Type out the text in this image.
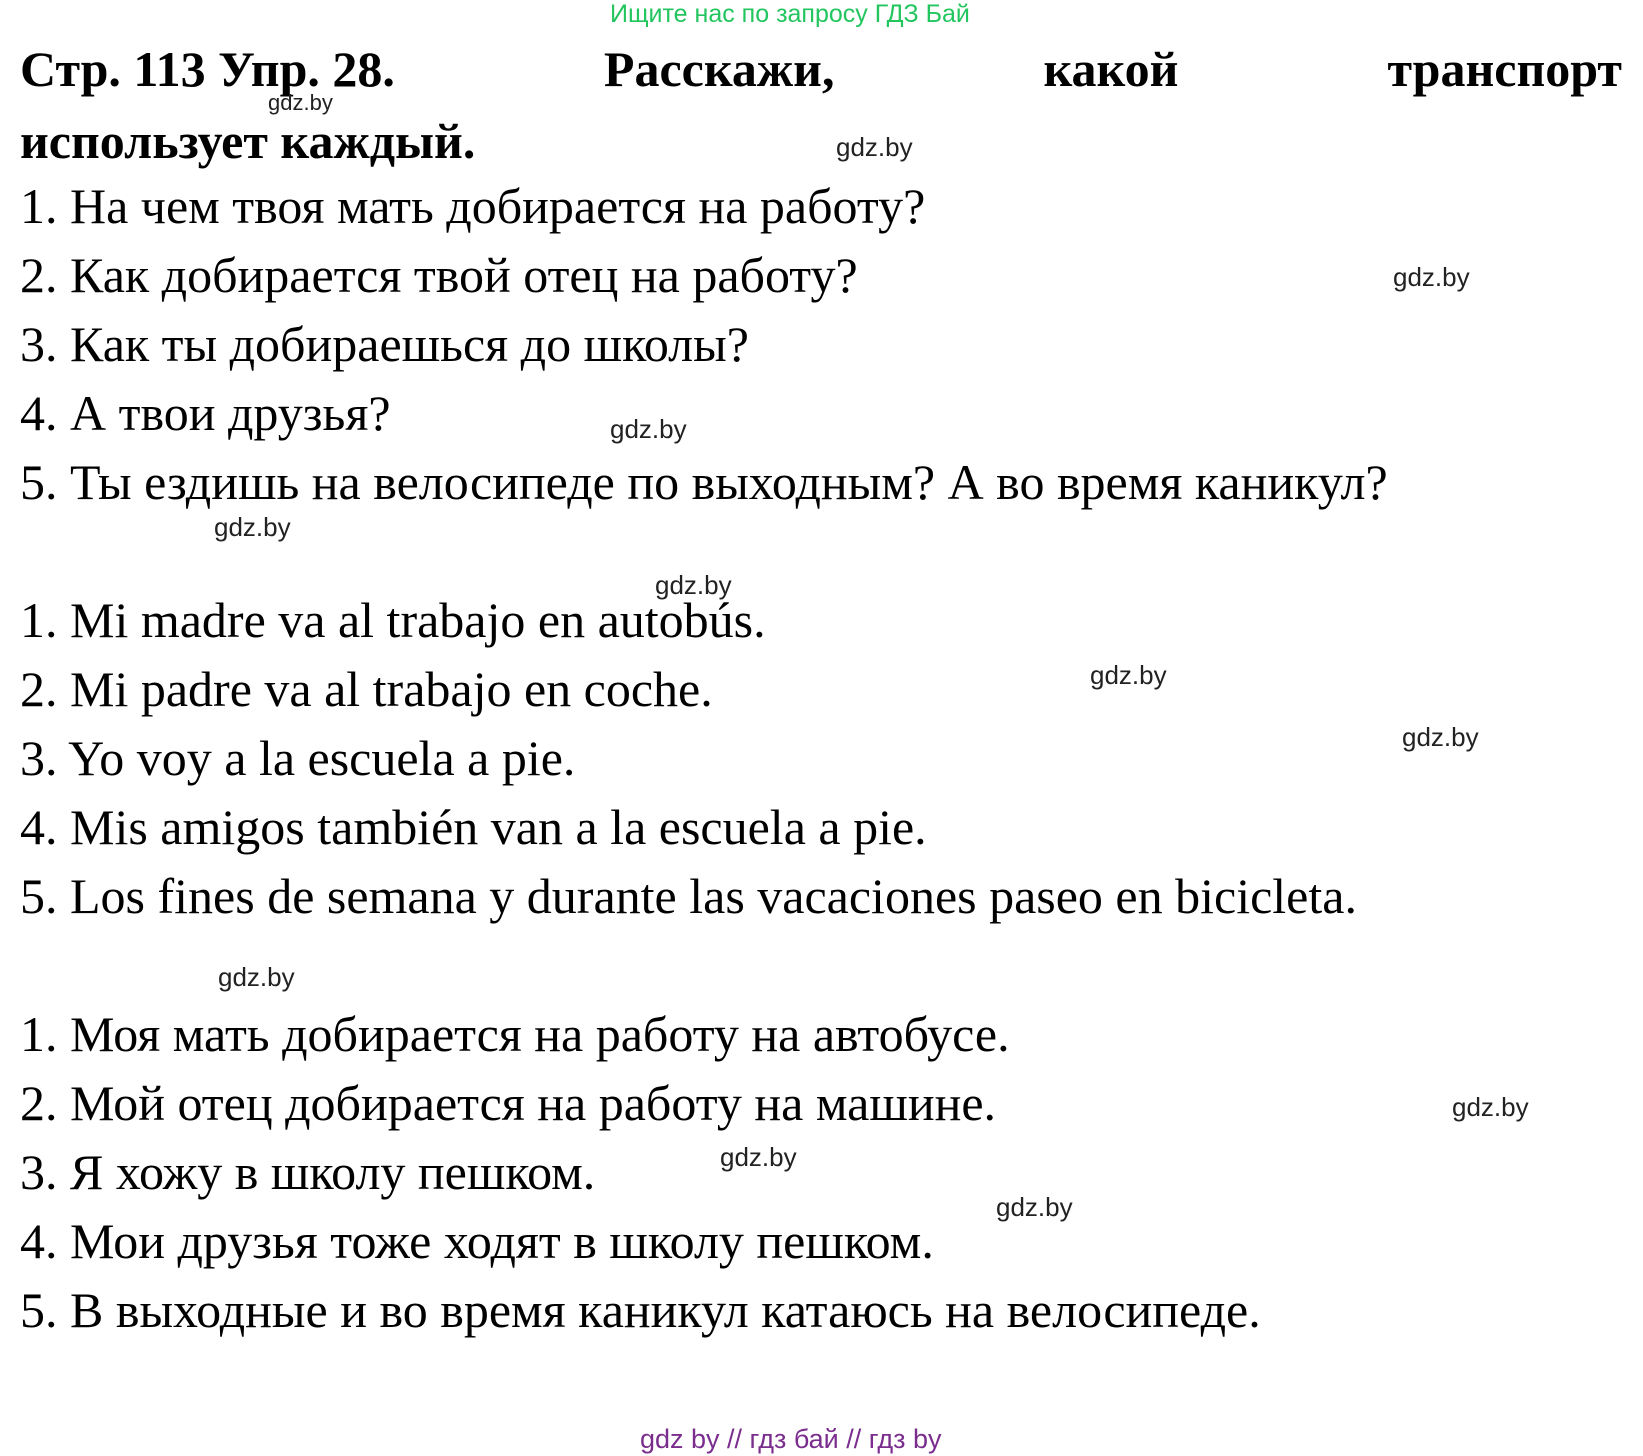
Ищите нас по запросу ГДЗ Бай
Стр. 113 Упр. 28.	Расскажи,	какой	транспорт
использует каждый.
1. На чем твоя мать добирается на работу?
2. Как добирается твой отец на работу?
3. Как ты добираешься до школы?
4. А твои друзья?
5. Ты ездишь на велосипеде по выходным? А во время каникул?
1. Mi madre va al trabajo en autobús.
2. Mi padre va al trabajo en coche.
3. Yo voy a la escuela a pie.
4. Mis amigos también van a la escuela a pie.
5. Los fines de semana y durante las vacaciones paseo en bicicleta.
1. Моя мать добирается на работу на автобусе.
2. Мой отец добирается на работу на машине.
3. Я хожу в школу пешком.
4. Мои друзья тоже ходят в школу пешком.
5. В выходные и во время каникул катаюсь на велосипеде.
gdz.by
gdz.by
gdz.by
gdz.by
gdz.by
gdz.by
gdz.by
gdz.by
gdz.by
gdz.by
gdz.by
gdz.by
gdz by // гдз бай // гдз by
